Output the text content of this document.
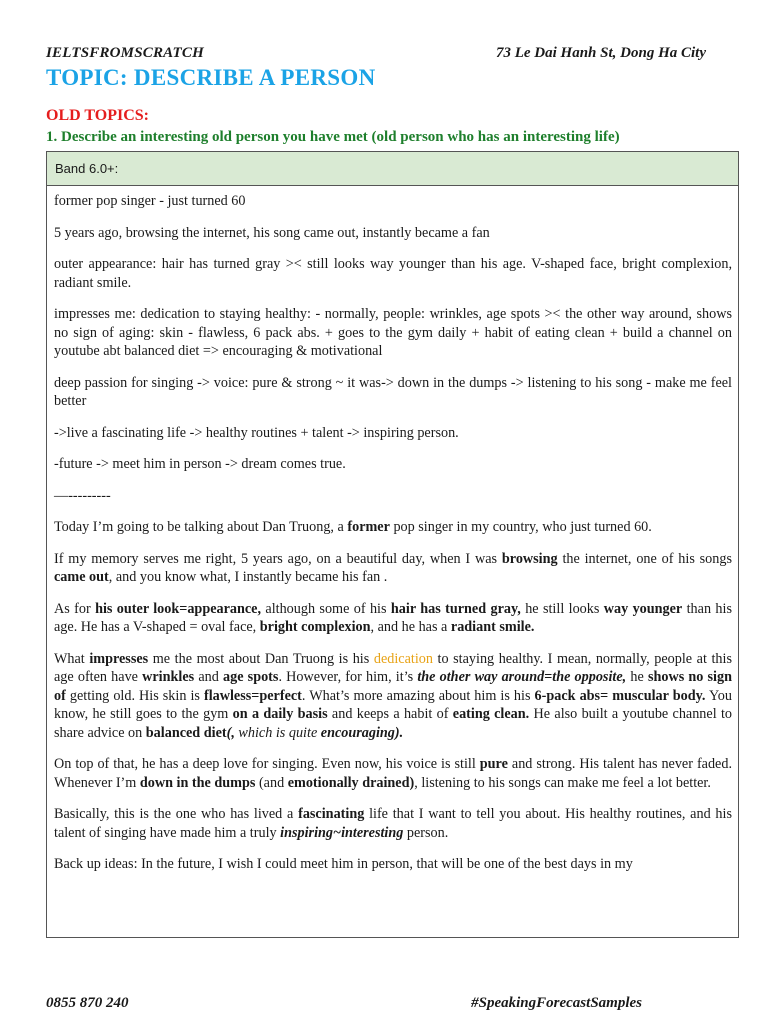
IELTSFROMSCRATCH	73 Le Dai Hanh St, Dong Ha City
TOPIC: DESCRIBE A PERSON
OLD TOPICS:
1. Describe an interesting old person you have met (old person who has an interesting life)
Band 6.0+:

former pop singer - just turned 60

5 years ago, browsing the internet, his song came out, instantly became a fan

outer appearance: hair has turned gray >< still looks way younger than his age. V-shaped face, bright complexion, radiant smile.

impresses me: dedication to staying healthy: - normally, people: wrinkles, age spots >< the other way around, shows no sign of aging: skin - flawless, 6 pack abs. + goes to the gym daily + habit of eating clean + build a channel on youtube abt balanced diet => encouraging & motivational

deep passion for singing -> voice: pure & strong ~ it was-> down in the dumps -> listening to his song - make me feel better

->live a fascinating life -> healthy routines + talent -> inspiring person.

-future -> meet him in person -> dream comes true.

—---------

Today I’m going to be talking about Dan Truong, a former pop singer in my country, who just turned 60.

If my memory serves me right, 5 years ago, on a beautiful day, when I was browsing the internet, one of his songs came out, and you know what, I instantly became his fan .

As for his outer look=appearance, although some of his hair has turned gray, he still looks way younger than his age. He has a V-shaped = oval face, bright complexion, and he has a radiant smile.

What impresses me the most about Dan Truong is his dedication to staying healthy. I mean, normally, people at this age often have wrinkles and age spots. However, for him, it’s the other way around=the opposite, he shows no sign of getting old. His skin is flawless=perfect. What’s more amazing about him is his 6-pack abs= muscular body. You know, he still goes to the gym on a daily basis and keeps a habit of eating clean. He also built a youtube channel to share advice on balanced diet(, which is quite encouraging).

On top of that, he has a deep love for singing. Even now, his voice is still pure and strong. His talent has never faded. Whenever I’m down in the dumps (and emotionally drained), listening to his songs can make me feel a lot better.

Basically, this is the one who has lived a fascinating life that I want to tell you about. His healthy routines, and his talent of singing have made him a truly inspiring~interesting person.

Back up ideas: In the future, I wish I could meet him in person, that will be one of the best days in my

0855 870 240	#SpeakingForecastSamples
